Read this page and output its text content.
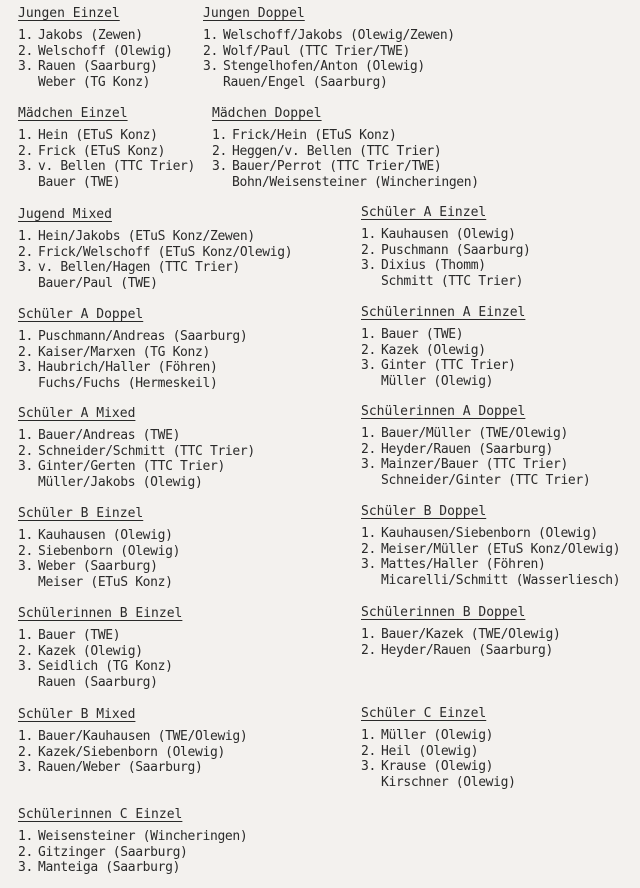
Jungen Einzel
1. Jakobs (Zewen)
2. Welschoff (Olewig)
3. Rauen (Saarburg)
Weber (TG Konz)
Jungen Doppel
1. Welschoff/Jakobs (Olewig/Zewen)
2. Wolf/Paul (TTC Trier/TWE)
3. Stengelhofen/Anton (Olewig)
Rauen/Engel (Saarburg)
Mädchen Einzel
1. Hein (ETuS Konz)
2. Frick (ETuS Konz)
3. v. Bellen (TTC Trier)
Bauer (TWE)
Mädchen Doppel
1. Frick/Hein (ETuS Konz)
2. Heggen/v. Bellen (TTC Trier)
3. Bauer/Perrot (TTC Trier/TWE)
Bohn/Weisensteiner (Wincheringen)
Jugend Mixed
1. Hein/Jakobs (ETuS Konz/Zewen)
2. Frick/Welschoff (ETuS Konz/Olewig)
3. v. Bellen/Hagen (TTC Trier)
Bauer/Paul (TWE)
Schüler A Einzel
1. Kauhausen (Olewig)
2. Puschmann (Saarburg)
3. Dixius (Thomm)
Schmitt (TTC Trier)
Schüler A Doppel
1. Puschmann/Andreas (Saarburg)
2. Kaiser/Marxen (TG Konz)
3. Haubrich/Haller (Föhren)
Fuchs/Fuchs (Hermeskeil)
Schülerinnen A Einzel
1. Bauer (TWE)
2. Kazek (Olewig)
3. Ginter (TTC Trier)
Müller (Olewig)
Schüler A Mixed
1. Bauer/Andreas (TWE)
2. Schneider/Schmitt (TTC Trier)
3. Ginter/Gerten (TTC Trier)
Müller/Jakobs (Olewig)
Schülerinnen A Doppel
1. Bauer/Müller (TWE/Olewig)
2. Heyder/Rauen (Saarburg)
3. Mainzer/Bauer (TTC Trier)
Schneider/Ginter (TTC Trier)
Schüler B Einzel
1. Kauhausen (Olewig)
2. Siebenborn (Olewig)
3. Weber (Saarburg)
Meiser (ETuS Konz)
Schüler B Doppel
1. Kauhausen/Siebenborn (Olewig)
2. Meiser/Müller (ETuS Konz/Olewig)
3. Mattes/Haller (Föhren)
Micarelli/Schmitt (Wasserliesch)
Schülerinnen B Einzel
1. Bauer (TWE)
2. Kazek (Olewig)
3. Seidlich (TG Konz)
Rauen (Saarburg)
Schülerinnen B Doppel
1. Bauer/Kazek (TWE/Olewig)
2. Heyder/Rauen (Saarburg)
Schüler B Mixed
1. Bauer/Kauhausen (TWE/Olewig)
2. Kazek/Siebenborn (Olewig)
3. Rauen/Weber (Saarburg)
Schüler C Einzel
1. Müller (Olewig)
2. Heil (Olewig)
3. Krause (Olewig)
Kirschner (Olewig)
Schülerinnen C Einzel
1. Weisensteiner (Wincheringen)
2. Gitzinger (Saarburg)
3. Manteiga (Saarburg)
